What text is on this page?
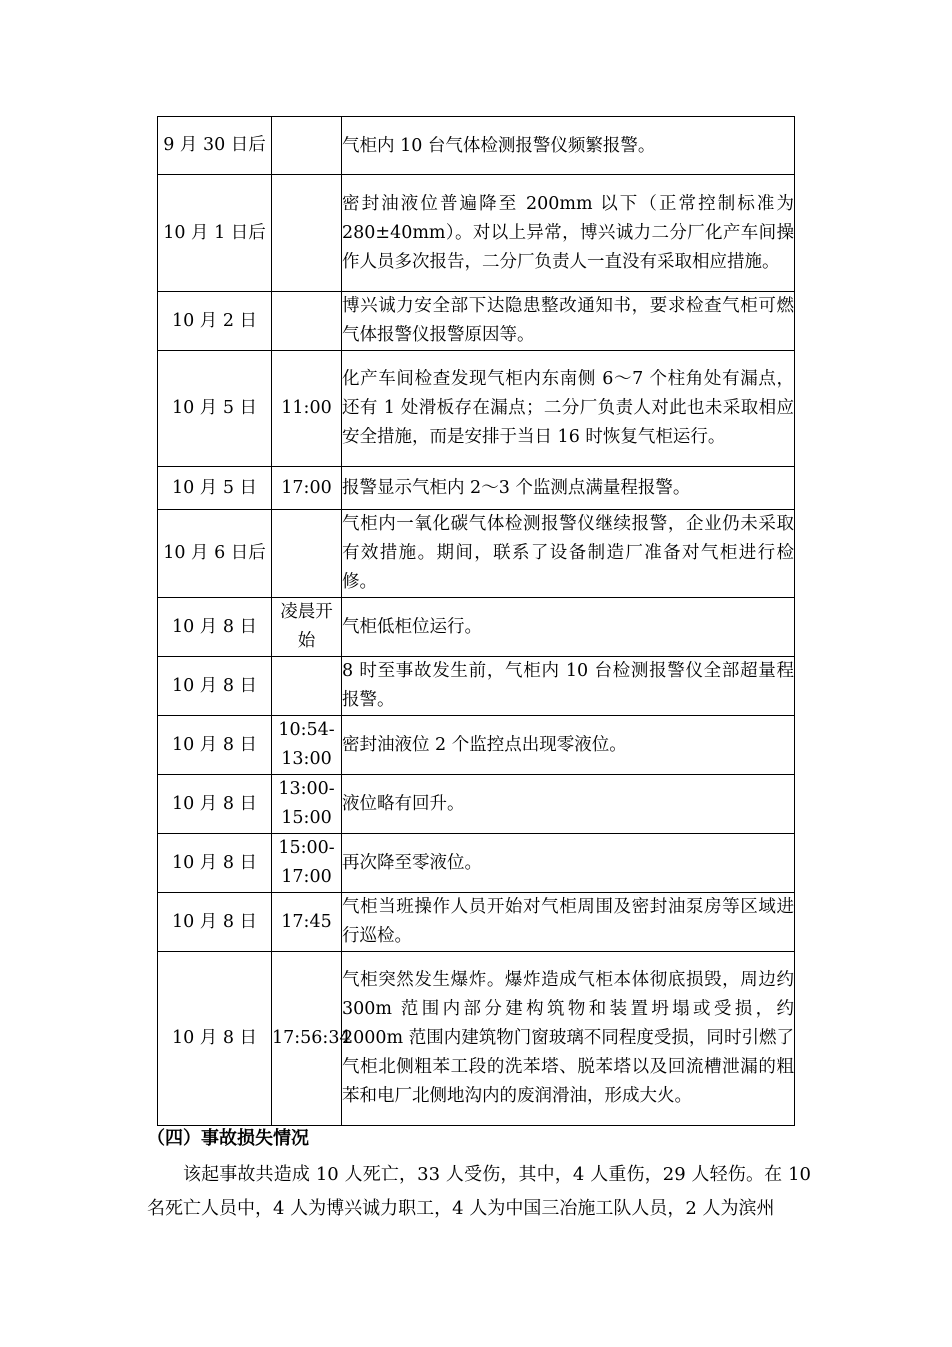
9 月 30 日后		气柜内 10 台气体检测报警仪频繁报警。
10 月 1 日后		密封油液位普遍降至 200mm 以下（正常控制标准为 280±40mm）。对以上异常，博兴诚力二分厂化产车间操作人员多次报告，二分厂负责人一直没有采取相应措施。
10 月 2 日		博兴诚力安全部下达隐患整改通知书，要求检查气柜可燃气体报警仪报警原因等。
10 月 5 日	11:00	化产车间检查发现气柜内东南侧 6～7 个柱角处有漏点，还有 1 处滑板存在漏点；二分厂负责人对此也未采取相应安全措施，而是安排于当日 16 时恢复气柜运行。
10 月 5 日	17:00	报警显示气柜内 2～3 个监测点满量程报警。
10 月 6 日后		气柜内一氧化碳气体检测报警仪继续报警，企业仍未采取有效措施。期间，联系了设备制造厂准备对气柜进行检修。
10 月 8 日	凌晨开始	气柜低柜位运行。
10 月 8 日		8 时至事故发生前，气柜内 10 台检测报警仪全部超量程报警。
10 月 8 日	10:54-13:00	密封油液位 2 个监控点出现零液位。
10 月 8 日	13:00-15:00	液位略有回升。
10 月 8 日	15:00-17:00	再次降至零液位。
10 月 8 日	17:45	气柜当班操作人员开始对气柜周围及密封油泵房等区域进行巡检。
10 月 8 日	17:56:34	气柜突然发生爆炸。爆炸造成气柜本体彻底损毁，周边约 300m 范围内部分建构筑物和装置坍塌或受损，约 2000m 范围内建筑物门窗玻璃不同程度受损，同时引燃了气柜北侧粗苯工段的洗苯塔、脱苯塔以及回流槽泄漏的粗苯和电厂北侧地沟内的废润滑油，形成大火。
（四）事故损失情况

该起事故共造成 10 人死亡，33 人受伤，其中，4 人重伤，29 人轻伤。在 10 名死亡人员中，4 人为博兴诚力职工，4 人为中国三冶施工队人员，2 人为滨州
